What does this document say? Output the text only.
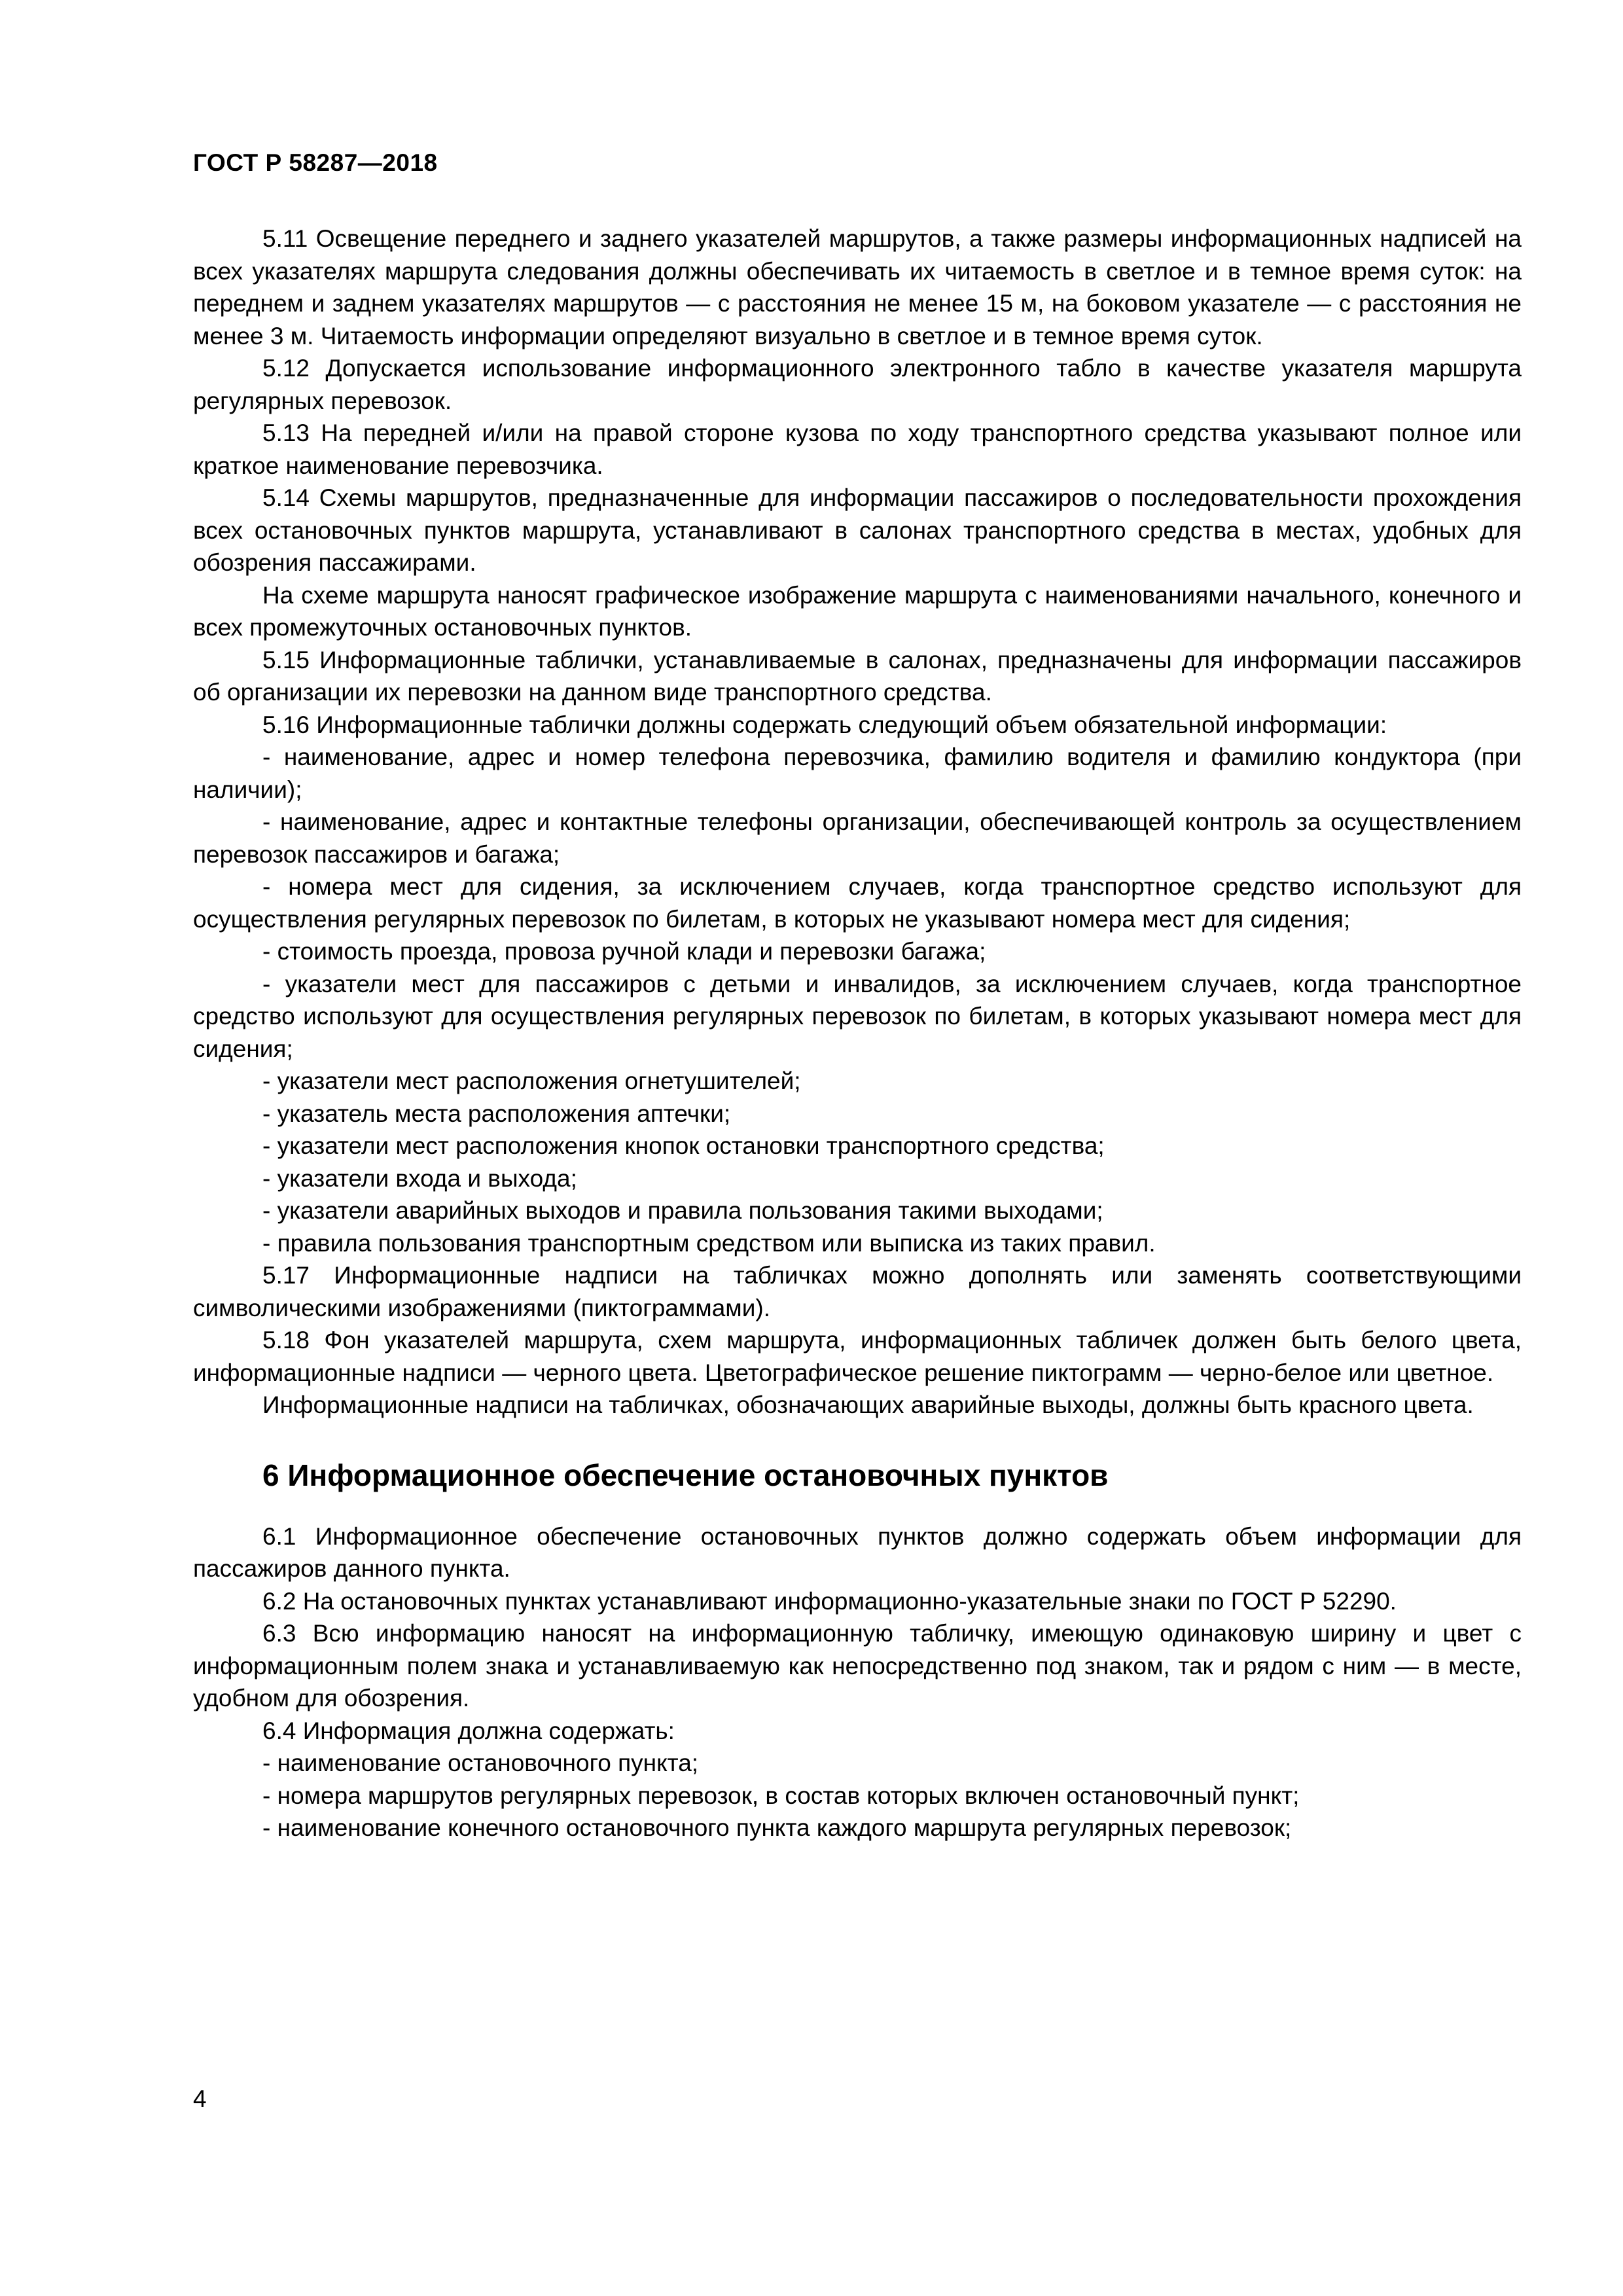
ГОСТ Р 58287—2018

5.11 Освещение переднего и заднего указателей маршрутов, а также размеры информационных надписей на всех указателях маршрута следования должны обеспечивать их читаемость в светлое и в темное время суток: на переднем и заднем указателях маршрутов — с расстояния не менее 15 м, на боковом указателе — с расстояния не менее 3 м. Читаемость информации определяют визуально в светлое и в темное время суток.

5.12 Допускается использование информационного электронного табло в качестве указателя маршрута регулярных перевозок.

5.13 На передней и/или на правой стороне кузова по ходу транспортного средства указывают полное или краткое наименование перевозчика.

5.14 Схемы маршрутов, предназначенные для информации пассажиров о последовательности прохождения всех остановочных пунктов маршрута, устанавливают в салонах транспортного средства в местах, удобных для обозрения пассажирами.

На схеме маршрута наносят графическое изображение маршрута с наименованиями начального, конечного и всех промежуточных остановочных пунктов.

5.15 Информационные таблички, устанавливаемые в салонах, предназначены для информации пассажиров об организации их перевозки на данном виде транспортного средства.

5.16 Информационные таблички должны содержать следующий объем обязательной информации:

- наименование, адрес и номер телефона перевозчика, фамилию водителя и фамилию кондуктора (при наличии);

- наименование, адрес и контактные телефоны организации, обеспечивающей контроль за осуществлением перевозок пассажиров и багажа;

- номера мест для сидения, за исключением случаев, когда транспортное средство используют для осуществления регулярных перевозок по билетам, в которых не указывают номера мест для сидения;

- стоимость проезда, провоза ручной клади и перевозки багажа;

- указатели мест для пассажиров с детьми и инвалидов, за исключением случаев, когда транспортное средство используют для осуществления регулярных перевозок по билетам, в которых указывают номера мест для сидения;

- указатели мест расположения огнетушителей;

- указатель места расположения аптечки;

- указатели мест расположения кнопок остановки транспортного средства;

- указатели входа и выхода;

- указатели аварийных выходов и правила пользования такими выходами;

- правила пользования транспортным средством или выписка из таких правил.

5.17 Информационные надписи на табличках можно дополнять или заменять соответствующими символическими изображениями (пиктограммами).

5.18 Фон указателей маршрута, схем маршрута, информационных табличек должен быть белого цвета, информационные надписи — черного цвета. Цветографическое решение пиктограмм — черно-белое или цветное.

Информационные надписи на табличках, обозначающих аварийные выходы, должны быть красного цвета.

6 Информационное обеспечение остановочных пунктов

6.1 Информационное обеспечение остановочных пунктов должно содержать объем информации для пассажиров данного пункта.

6.2 На остановочных пунктах устанавливают информационно-указательные знаки по ГОСТ Р 52290.

6.3 Всю информацию наносят на информационную табличку, имеющую одинаковую ширину и цвет с информационным полем знака и устанавливаемую как непосредственно под знаком, так и рядом с ним — в месте, удобном для обозрения.

6.4 Информация должна содержать:

- наименование остановочного пункта;

- номера маршрутов регулярных перевозок, в состав которых включен остановочный пункт;

- наименование конечного остановочного пункта каждого маршрута регулярных перевозок;

4
